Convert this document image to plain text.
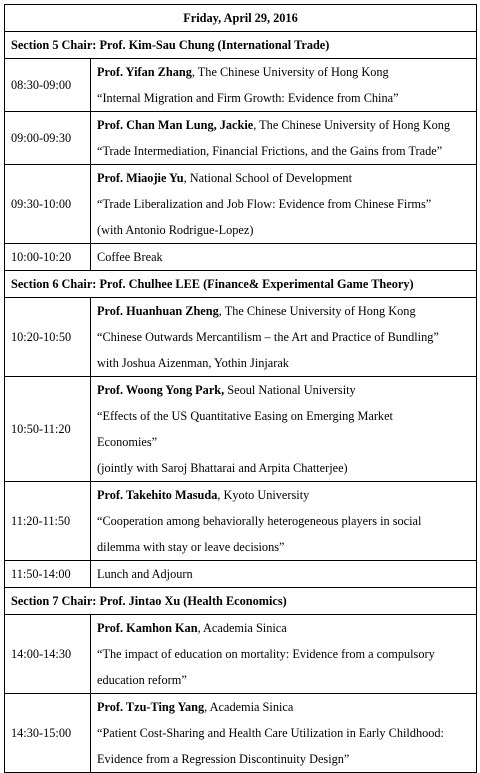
Friday, April 29, 2016	
Section 5 Chair: Prof. Kim-Sau Chung (International Trade)	
08:30-09:00	Prof. Yifan Zhang, The Chinese University of Hong Kong
“Internal Migration and Firm Growth: Evidence from China”

09:00-09:30	Prof. Chan Man Lung, Jackie, The Chinese University of Hong Kong
“Trade Intermediation, Financial Frictions, and the Gains from Trade”

09:30-10:00	Prof. Miaojie Yu, National School of Development
“Trade Liberalization and Job Flow: Evidence from Chinese Firms”
(with Antonio Rodrigue-Lopez)

10:00-10:20	Coffee Break
Section 6 Chair: Prof. Chulhee LEE (Finance& Experimental Game Theory)	
10:20-10:50	Prof. Huanhuan Zheng, The Chinese University of Hong Kong
“Chinese Outwards Mercantilism – the Art and Practice of Bundling”
with Joshua Aizenman, Yothin Jinjarak

10:50-11:20	Prof. Woong Yong Park, Seoul National University
“Effects of the US Quantitative Easing on Emerging Market
Economies”
(jointly with Saroj Bhattarai and Arpita Chatterjee)

11:20-11:50	Prof. Takehito Masuda, Kyoto University
“Cooperation among behaviorally heterogeneous players in social
dilemma with stay or leave decisions”

11:50-14:00	Lunch and Adjourn
Section 7 Chair: Prof. Jintao Xu (Health Economics)	
14:00-14:30	Prof. Kamhon Kan, Academia Sinica
“The impact of education on mortality: Evidence from a compulsory
education reform”

14:30-15:00	Prof. Tzu-Ting Yang, Academia Sinica
“Patient Cost-Sharing and Health Care Utilization in Early Childhood:
Evidence from a Regression Discontinuity Design”
